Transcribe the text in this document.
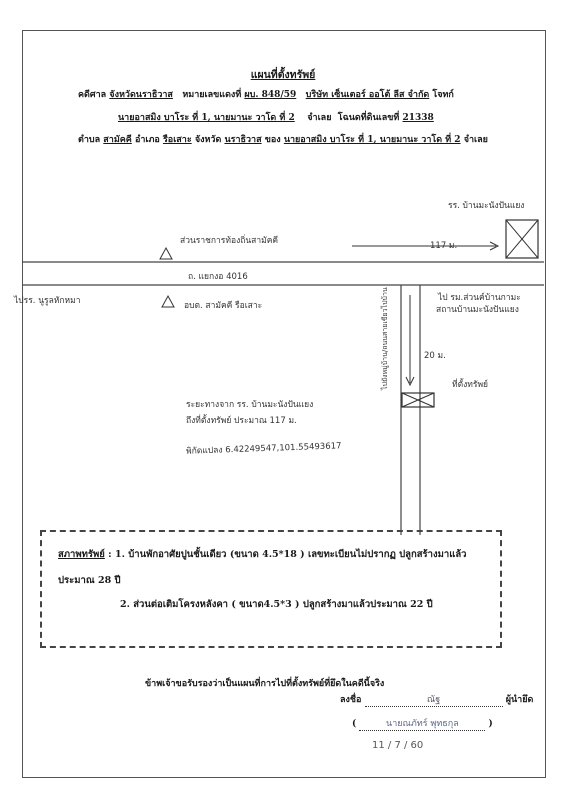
แผนที่ตั้งทรัพย์
คดีศาล จังหวัดนราธิวาส หมายเลขแดงที่ ผบ. 848/59 บริษัท เซ็นเตอร์ ออโต้ ลีส จำกัด โจทก์
นายอาสมิง บาโระ ที่ 1, นายมานะ วาโด ที่ 2 จำเลย โฉนดที่ดินเลขที่ 21338
ตำบล สามัคคี อำเภอ รือเสาะ จังหวัด นราธิวาส ของ นายอาสมิง บาโระ ที่ 1, นายมานะ วาโด ที่ 2 จำเลย
รร. บ้านมะนังปันแยง
117 ม.
ส่วนราชการท้องถิ่นสามัคคี
ถ. แยกงอ 4016
ไปรร. นูรูลหักหมา	อบต. สามัคคี รือเสาะ	ไปยังหมู่บ้าน/ถนนสายเขียวไปบ้าน	ไป รม.ส่วนค์บ้านกามะ
สถานบ้านมะนังปันแยง
20 ม.
ที่ตั้งทรัพย์
ระยะทางจาก รร. บ้านมะนังปันแยง
ถึงที่ตั้งทรัพย์ ประมาณ 117 ม.
พิกัดแปลง 6.42249547,101.55493617
สภาพทรัพย์ : 1. บ้านพักอาศัยปูนชั้นเดียว (ขนาด 4.5*18 ) เลขทะเบียนไม่ปรากฏ ปลูกสร้างมาแล้ว
ประมาณ 28 ปี
2. ส่วนต่อเติมโครงหลังคา ( ขนาด4.5*3 ) ปลูกสร้างมาแล้วประมาณ 22 ปี
ข้าพเจ้าขอรับรองว่าเป็นแผนที่การไปที่ตั้งทรัพย์ที่ยึดในคดีนี้จริง
ลงชื่อ	ณัฐ	ผู้นำยึด
(	นายณภัทร์ พุทธกุล	)
11 / 7 / 60
